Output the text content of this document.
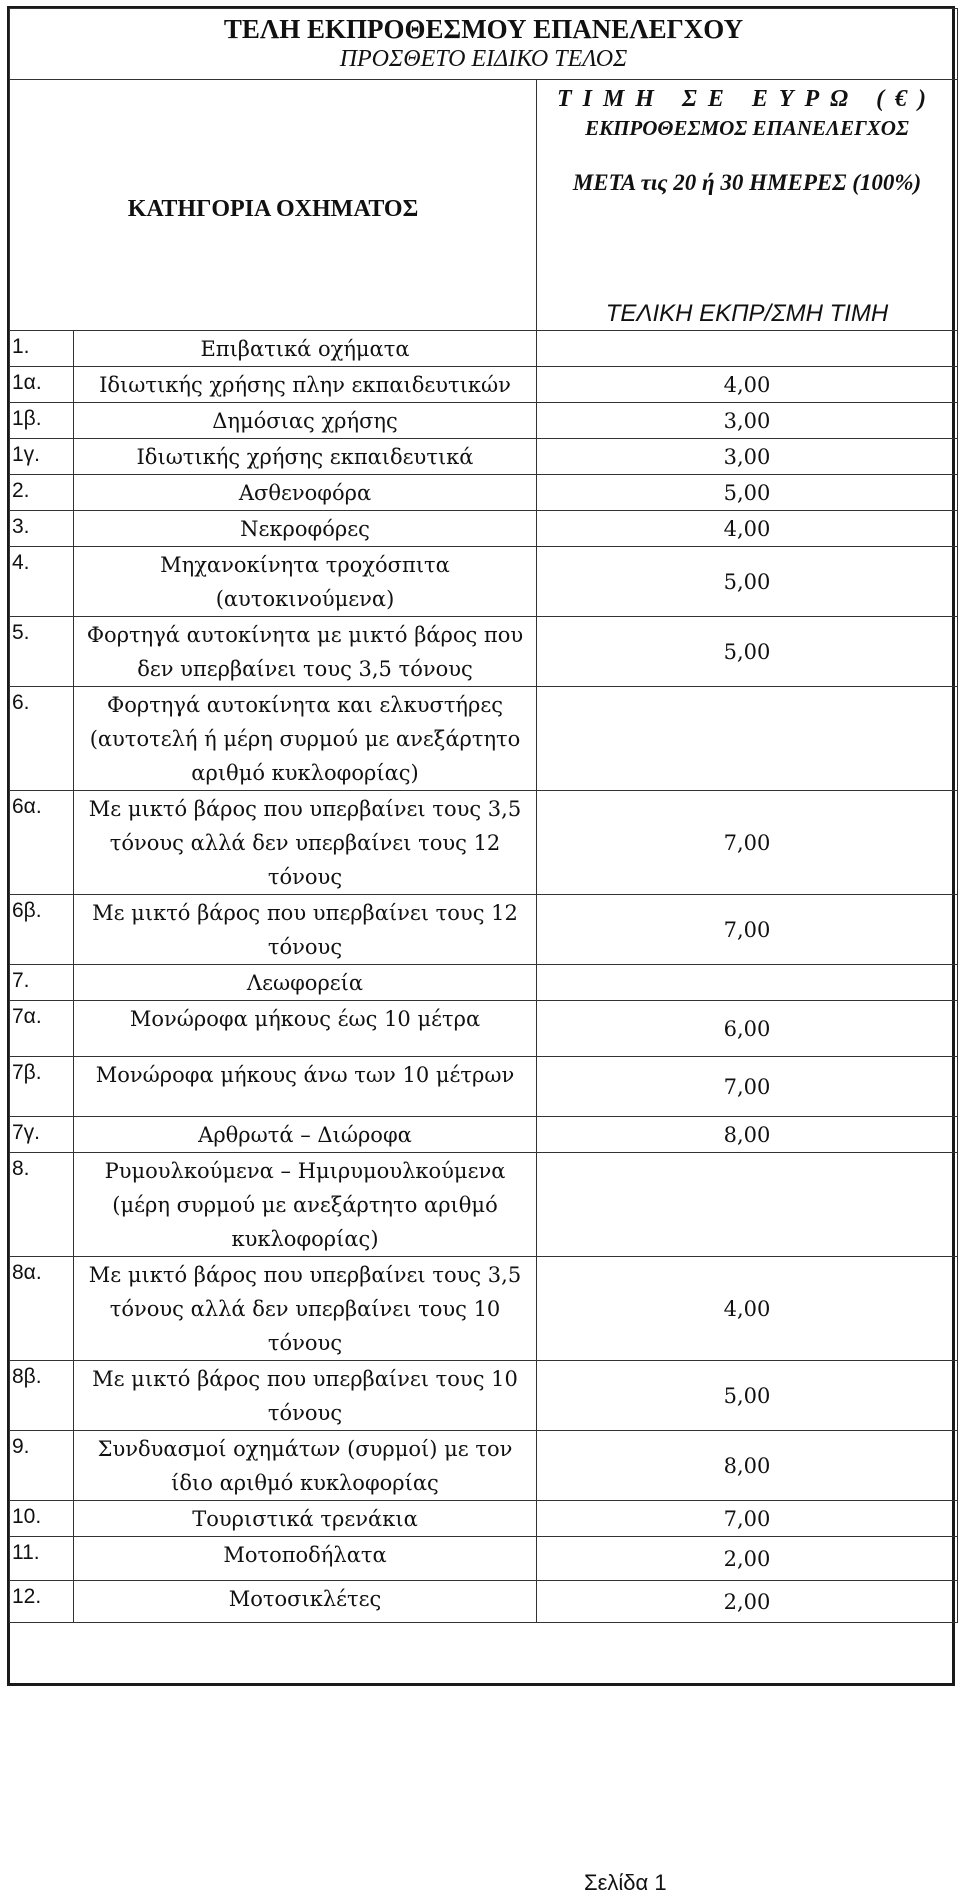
ΤΕΛΗ ΕΚΠΡΟΘΕΣΜΟΥ ΕΠΑΝΕΛΕΓΧΟΥ
ΠΡΟΣΘΕΤΟ ΕΙΔΙΚΟ ΤΕΛΟΣ		

ΚΑΤΗΓΟΡΙΑ ΟΧΗΜΑΤΟΣ		ΤΙΜΗ ΣΕ ΕΥΡΩ (€)
ΕΚΠΡΟΘΕΣΜΟΣ ΕΠΑΝΕΛΕΓΧΟΣ
ΜΕΤΑ τις 20 ή 30 ΗΜΕΡΕΣ (100%)
ΤΕΛΙΚΗ ΕΚΠΡ/ΣΜΗ ΤΙΜΗ

1.	Επιβατικά οχήματα	
1α.	Ιδιωτικής χρήσης πλην εκπαιδευτικών	4,00
1β.	Δημόσιας χρήσης	3,00
1γ.	Ιδιωτικής χρήσης εκπαιδευτικά	3,00
2.	Ασθενοφόρα	5,00
3.	Νεκροφόρες	4,00
4.	Μηχανοκίνητα τροχόσπιτα (αυτοκινούμενα)	5,00
5.	Φορτηγά αυτοκίνητα με μικτό βάρος που δεν υπερβαίνει τους 3,5 τόνους	5,00
6.	Φορτηγά αυτοκίνητα και ελκυστήρες (αυτοτελή ή μέρη συρμού με ανεξάρτητο αριθμό κυκλοφορίας)	
6α.	Με μικτό βάρος που υπερβαίνει τους 3,5 τόνους αλλά δεν υπερβαίνει τους 12 τόνους	7,00
6β.	Με μικτό βάρος που υπερβαίνει τους 12 τόνους	7,00
7.	Λεωφορεία	
7α.	Μονώροφα μήκους έως 10 μέτρα	6,00
7β.	Μονώροφα μήκους άνω των 10 μέτρων	7,00
7γ.	Αρθρωτά – Διώροφα	8,00
8.	Ρυμουλκούμενα – Ημιρυμουλκούμενα (μέρη συρμού με ανεξάρτητο αριθμό κυκλοφορίας)	
8α.	Με μικτό βάρος που υπερβαίνει τους 3,5 τόνους αλλά δεν υπερβαίνει τους 10 τόνους	4,00
8β.	Με μικτό βάρος που υπερβαίνει τους 10 τόνους	5,00
9.	Συνδυασμοί οχημάτων (συρμοί) με τον ίδιο αριθμό κυκλοφορίας	8,00
10.	Τουριστικά τρενάκια	7,00
11.	Μοτοποδήλατα	2,00
12.	Μοτοσικλέτες	2,00
Σελίδα 1
